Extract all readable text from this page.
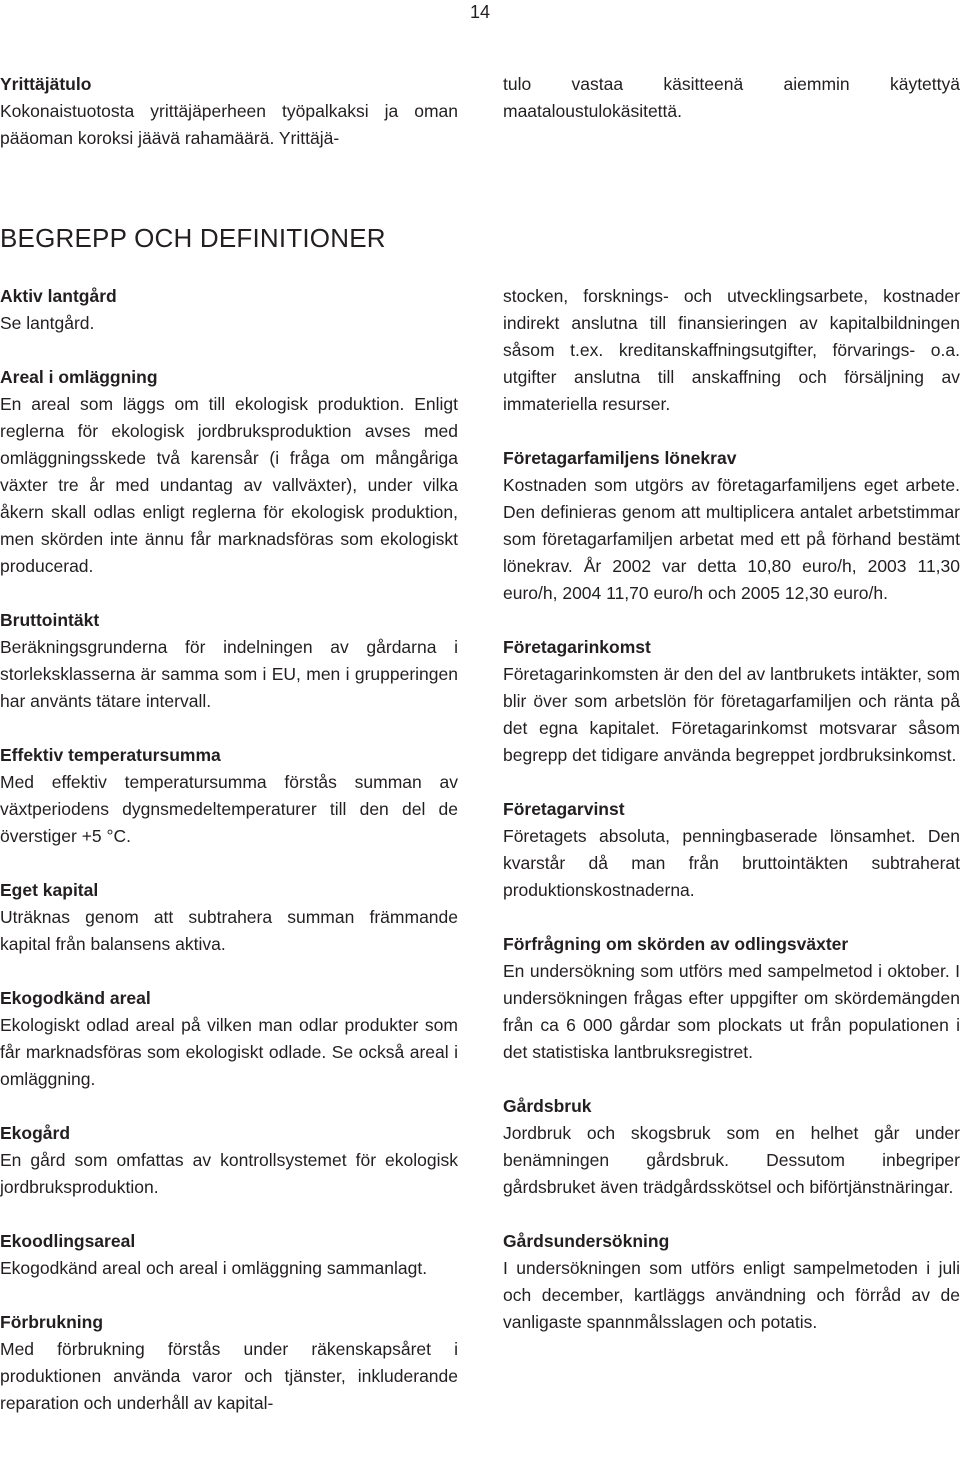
14
Yrittäjätulo
Kokonaistuotosta yrittäjäperheen työpalkaksi ja oman pääoman koroksi jäävä rahamäärä. Yrittäjä-
tulo vastaa käsitteenä aiemmin käytettyä maataloustulokäsitettä.
BEGREPP OCH DEFINITIONER
Aktiv lantgård
Se lantgård.
Areal i omläggning
En areal som läggs om till ekologisk produktion. Enligt reglerna för ekologisk jordbruksproduktion avses med omläggningsskede två karensår (i fråga om mångåriga växter tre år med undantag av vallväxter), under vilka åkern skall odlas enligt reglerna för ekologisk produktion, men skörden inte ännu får marknadsföras som ekologiskt producerad.
Bruttointäkt
Beräkningsgrunderna för indelningen av gårdarna i storleksklasserna är samma som i EU, men i grupperingen har använts tätare intervall.
Effektiv temperatursumma
Med effektiv temperatursumma förstås summan av växtperiodens dygnsmedeltemperaturer till den del de överstiger +5 °C.
Eget kapital
Uträknas genom att subtrahera summan främmande kapital från balansens aktiva.
Ekogodkänd areal
Ekologiskt odlad areal på vilken man odlar produkter som får marknadsföras som ekologiskt odlade. Se också areal i omläggning.
Ekogård
En gård som omfattas av kontrollsystemet för ekologisk jordbruksproduktion.
Ekoodlingsareal
Ekogodkänd areal och areal i omläggning sammanlagt.
Förbrukning
Med förbrukning förstås under räkenskapsåret i produktionen använda varor och tjänster, inkluderande reparation och underhåll av kapital-
stocken, forsknings- och utvecklingsarbete, kostnader indirekt anslutna till finansieringen av kapitalbildningen såsom t.ex. kreditanskaffningsutgifter, förvarings- o.a. utgifter anslutna till anskaffning och försäljning av immateriella resurser.
Företagarfamiljens lönekrav
Kostnaden som utgörs av företagarfamiljens eget arbete. Den definieras genom att multiplicera antalet arbetstimmar som företagarfamiljen arbetat med ett på förhand bestämt lönekrav. År 2002 var detta 10,80 euro/h, 2003 11,30 euro/h, 2004 11,70 euro/h och 2005 12,30 euro/h.
Företagarinkomst
Företagarinkomsten är den del av lantbrukets intäkter, som blir över som arbetslön för företagarfamiljen och ränta på det egna kapitalet. Företagarinkomst motsvarar såsom begrepp det tidigare använda begreppet jordbruksinkomst.
Företagarvinst
Företagets absoluta, penningbaserade lönsamhet. Den kvarstår då man från bruttointäkten subtraherat produktionskostnaderna.
Förfrågning om skörden av odlingsväxter
En undersökning som utförs med sampelmetod i oktober. I undersökningen frågas efter uppgifter om skördemängden från ca 6 000 gårdar som plockats ut från populationen i det statistiska lantbruksregistret.
Gårdsbruk
Jordbruk och skogsbruk som en helhet går under benämningen gårdsbruk. Dessutom inbegriper gårdsbruket även trädgårdsskötsel och biförtjänstnäringar.
Gårdsundersökning
I undersökningen som utförs enligt sampelmetoden i juli och december, kartläggs användning och förråd av de vanligaste spannmålsslagen och potatis.
